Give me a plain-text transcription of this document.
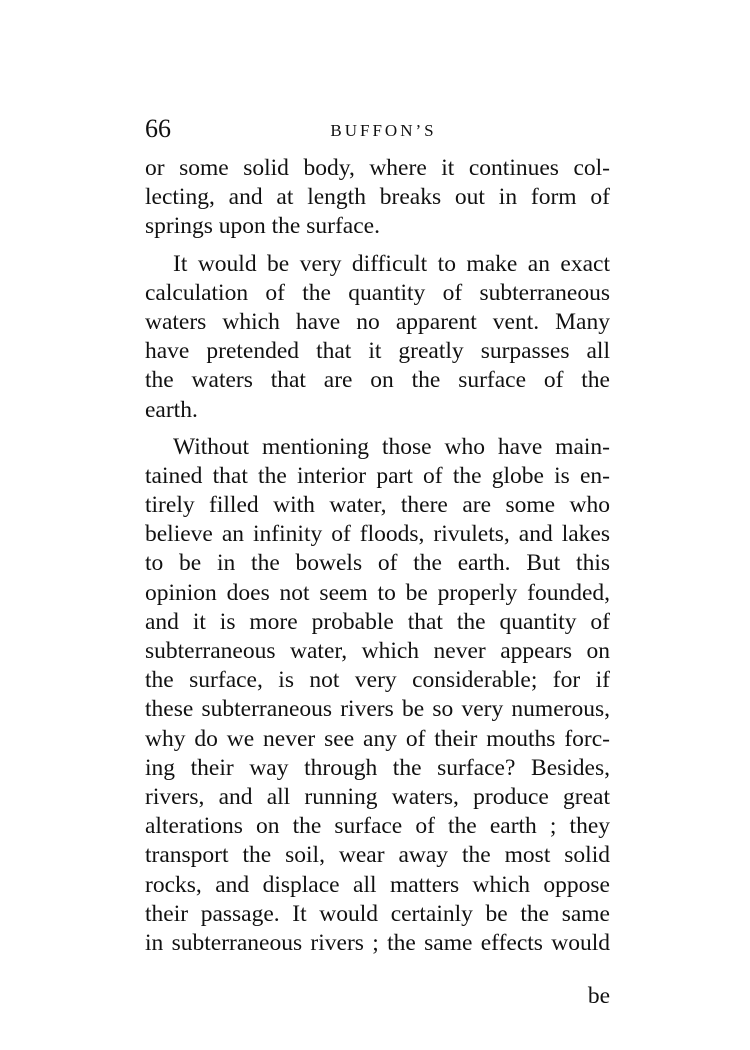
66	BUFFON’S
or some solid body, where it continues col-
lecting, and at length breaks out in form of
springs upon the surface.
It would be very difficult to make an exact
calculation of the quantity of subterraneous
waters which have no apparent vent. Many
have pretended that it greatly surpasses all
the waters that are on the surface of the
earth.
Without mentioning those who have main-
tained that the interior part of the globe is en-
tirely filled with water, there are some who
believe an infinity of floods, rivulets, and lakes
to be in the bowels of the earth. But this
opinion does not seem to be properly founded,
and it is more probable that the quantity of
subterraneous water, which never appears on
the surface, is not very considerable; for if
these subterraneous rivers be so very numerous,
why do we never see any of their mouths forc-
ing their way through the surface? Besides,
rivers, and all running waters, produce great
alterations on the surface of the earth ; they
transport the soil, wear away the most solid
rocks, and displace all matters which oppose
their passage. It would certainly be the same
in subterraneous rivers ; the same effects would
be
